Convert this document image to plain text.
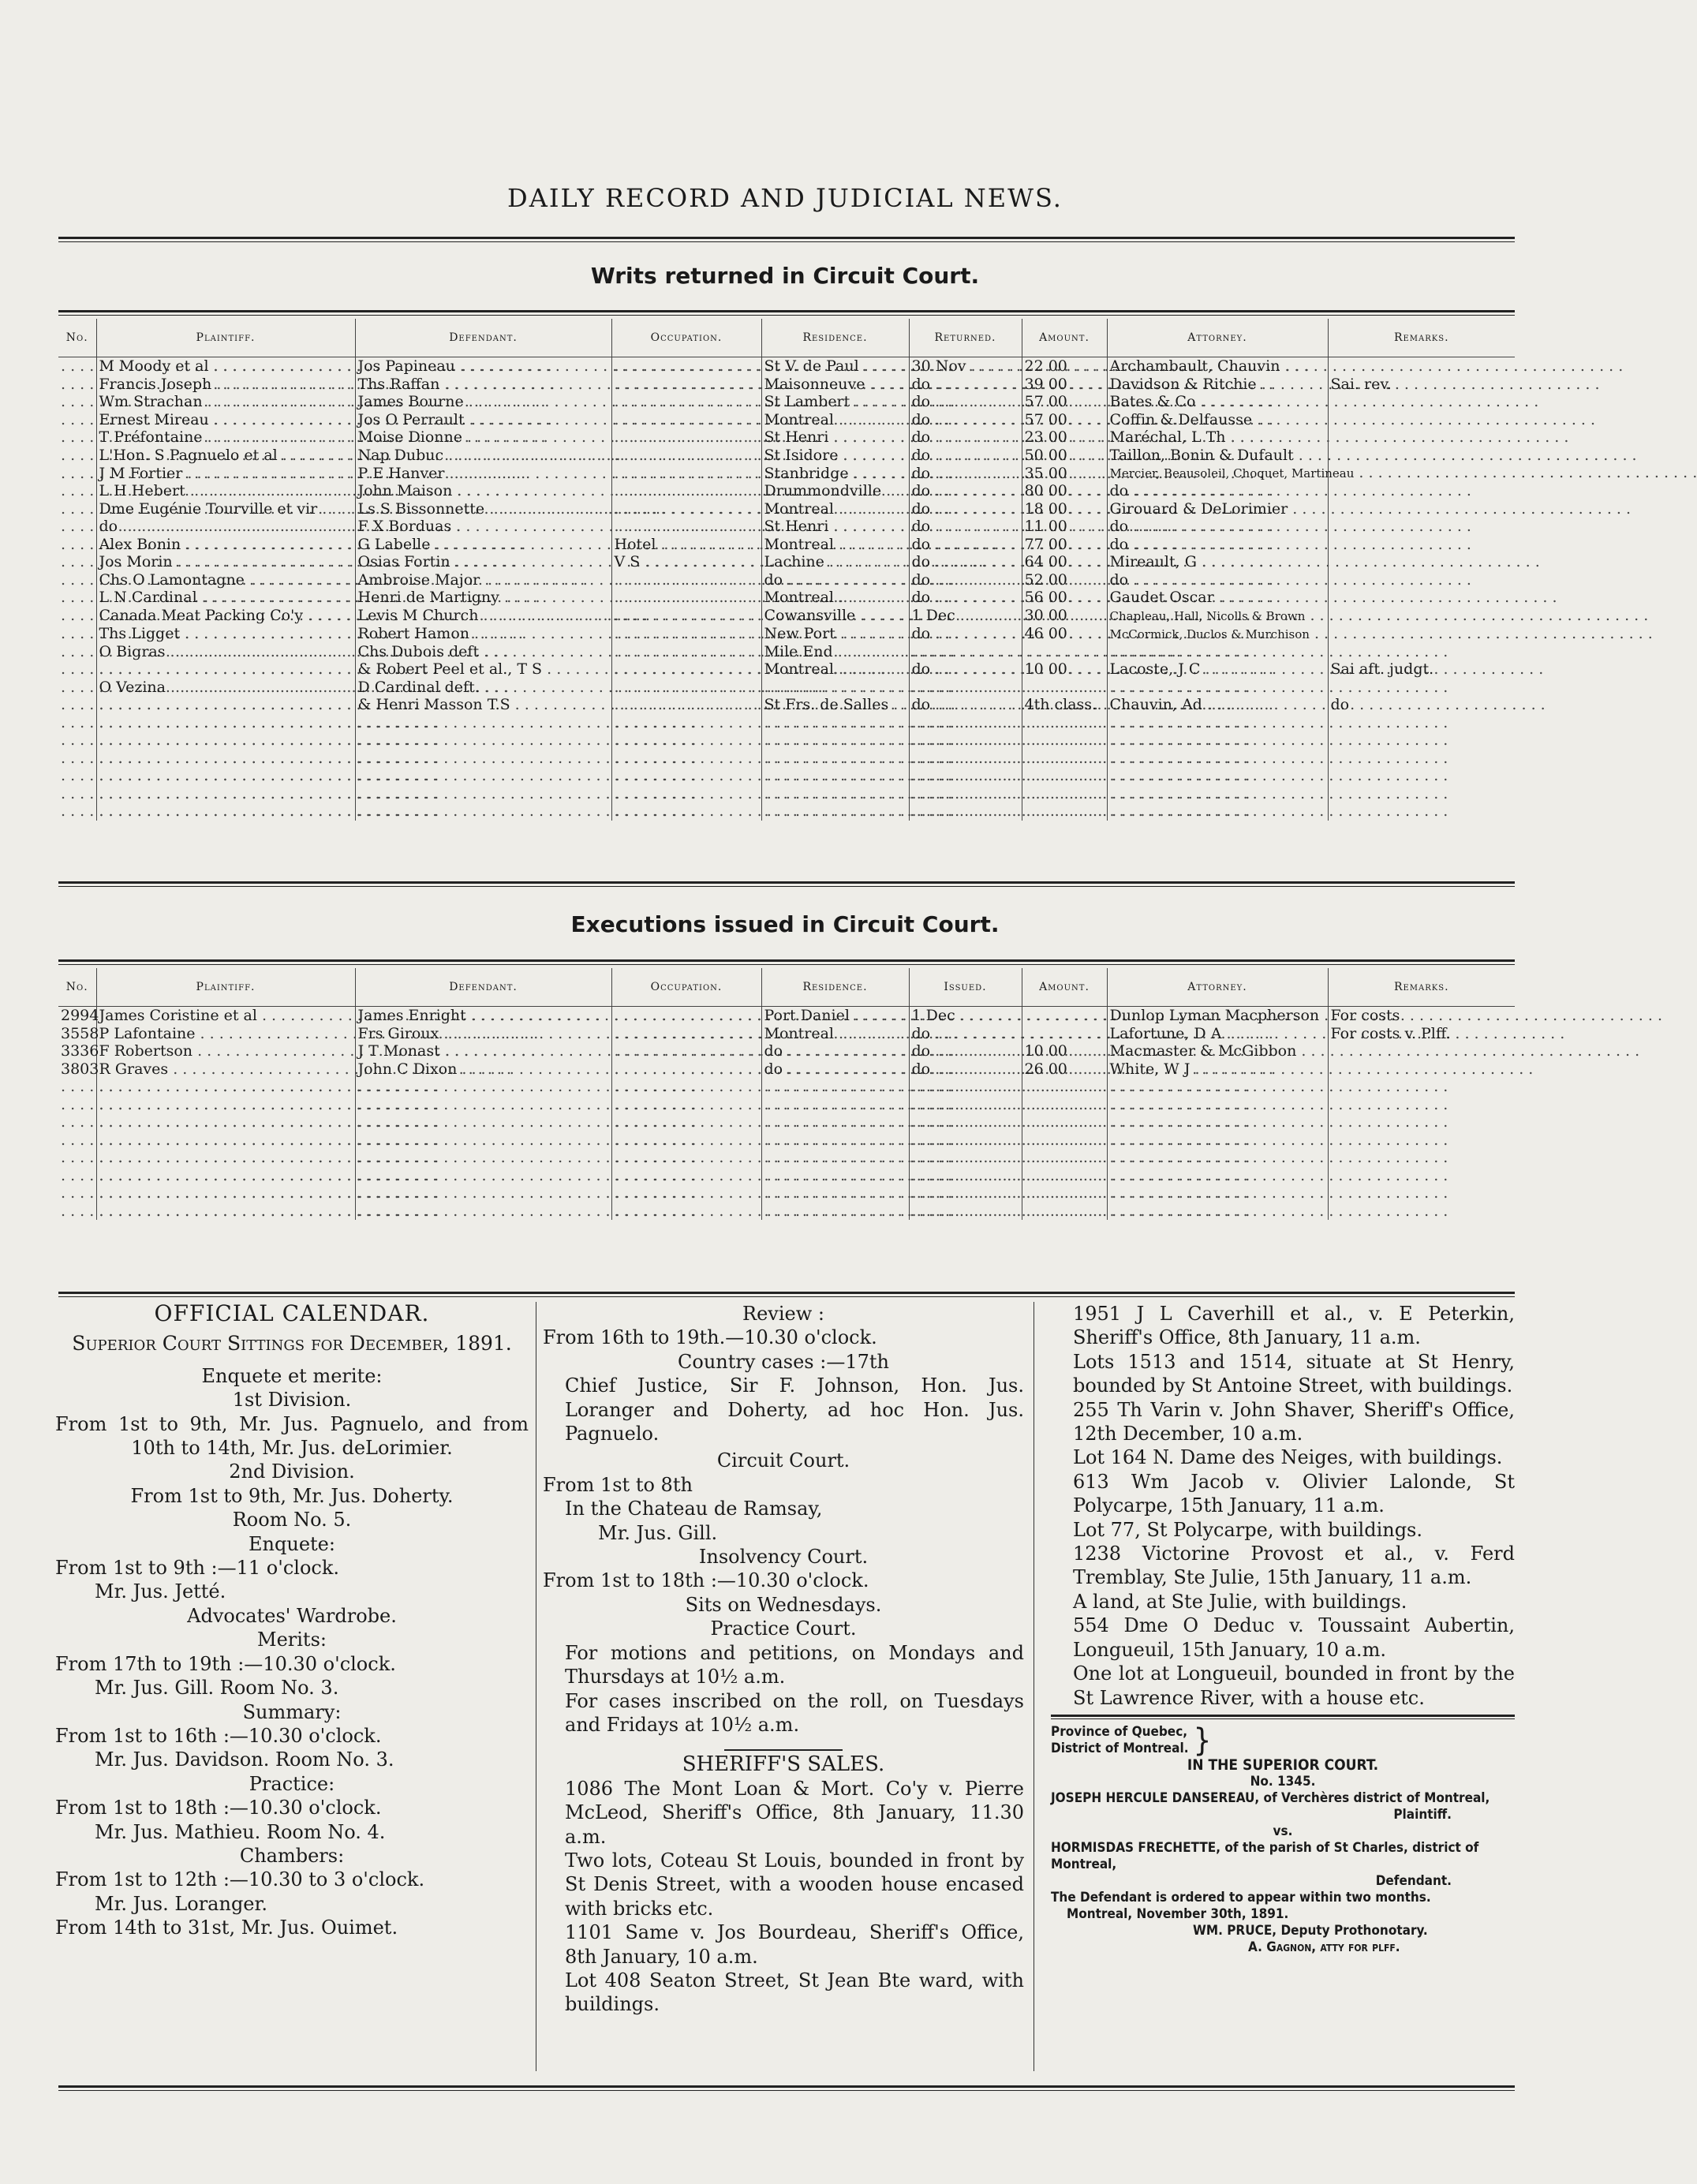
DAILY RECORD AND JUDICIAL NEWS.
Writs returned in Circuit Court.
No.	Plaintiff.	Defendant.	Occupation.	Residence.	Returned.	Amount.	Attorney.	Remarks.
. . .	M Moody et al . . .	Jos Papineau . . .	. . .	St V. de Paul . . .	30 Nov . . .	22 00	Archambault, Chauvin . . .	
. . .	Francis Joseph . . .	Ths Raffan . . .	. . .	Maisonneuve . . .	do . . .	39 00	Davidson & Ritchie . . .	Sai. rev.
. . .	Wm Strachan . . .	James Bourne . . .	. . .	St Lambert . . .	do . . .	57 00	Bates & Co . . .	
. . .	Ernest Mireau . . .	Jos O Perrault . . .	. . .	Montreal . . .	do . . .	57 00	Coffin & Delfausse . . .	
. . .	T Préfontaine . . .	Moise Dionne . . .	. . .	St Henri . . .	do . . .	23 00	Maréchal, L Th . . .	
. . .	L'Hon. S Pagnuelo et al . . .	Nap Dubuc . . .	. . .	St Isidore . . .	do . . .	50 00	Taillon, Bonin & Dufault . . .	
. . .	J M Fortier . . .	P E Hanver . . .	. . .	Stanbridge . . .	do . . .	35 00	Mercier, Beausoleil, Choquet, Martineau . . .	
. . .	L H Hebert . . .	John Maison . . .	. . .	Drummondville . . .	do . . .	80 00	do . . .	
. . .	Dme Eugénie Tourville et vir . . .	Ls S Bissonnette . . .	. . .	Montreal . . .	do . . .	18 00	Girouard & DeLorimier . . .	
. . .	do . . .	F X Borduas . . .	. . .	St Henri . . .	do . . .	11 00	do . . .	
. . .	Alex Bonin . . .	G Labelle . . .	Hotel . . .	Montreal . . .	do . . .	77 00	do . . .	
. . .	Jos Morin . . .	Osias Fortin . . .	V S . . .	Lachine . . .	do . . .	64 00	Mireault, G . . .	
. . .	Chs O Lamontagne . . .	Ambroise Major . . .	. . .	do . . .	do . . .	52 00	do . . .	
. . .	L N Cardinal . . .	Henri de Martigny . . .	. . .	Montreal . . .	do . . .	56 00	Gaudet Oscar . . .	
. . .	Canada Meat Packing Co'y . . .	Levis M Church . . .	. . .	Cowansville . . .	1 Dec . . .	30 00	Chapleau, Hall, Nicolls & Brown . . .	
. . .	Ths Ligget . . .	Robert Hamon . . .	. . .	New Port . . .	do . . .	46 00	McCormick, Duclos & Murchison . . .	
. . .	O Bigras . . .	Chs Dubois deft . . .	. . .	Mile End . . .	. . .		. . .	
. . .	. . .	& Robert Peel et al., T S . . .	. . .	Montreal . . .	do . . .	10 00	Lacoste, J C . . .	Sai aft. judgt.
. . .	O Vezina . . .	D Cardinal deft. . . .	. . .	. . .	. . .		. . .	
. . .	. . .	& Henri Masson T.S . . .	. . .	St Frs. de Salles . . .	do . . .	4th class.	Chauvin, Ad . . .	do
. . .	. . .	. . .	. . .	. . .	. . .		. . .	
. . .	. . .	. . .	. . .	. . .	. . .		. . .	
. . .	. . .	. . .	. . .	. . .	. . .		. . .	
. . .	. . .	. . .	. . .	. . .	. . .		. . .	
. . .	. . .	. . .	. . .	. . .	. . .		. . .	
. . .	. . .	. . .	. . .	. . .	. . .		. . .	
Executions issued in Circuit Court.
No.	Plaintiff.	Defendant.	Occupation.	Residence.	Issued.	Amount.	Attorney.	Remarks.
2994	James Coristine et al . . .	James Enright . . .	. . .	Port Daniel . . .	1 Dec . . .		Dunlop Lyman Macpherson . . .	For costs
3558	P Lafontaine . . .	Frs Giroux . . .	. . .	Montreal . . .	do . . .		Lafortune, D A . . .	For costs v. Plff.
3336	F Robertson . . .	J T Monast . . .	. . .	do . . .	do . . .	10 00	Macmaster & McGibbon . . .	
3803	R Graves . . .	John C Dixon . . .	. . .	do . . .	do . . .	26 00	White, W J . . .	
. . .	. . .	. . .	. . .	. . .	. . .		. . .	
. . .	. . .	. . .	. . .	. . .	. . .		. . .	
. . .	. . .	. . .	. . .	. . .	. . .		. . .	
. . .	. . .	. . .	. . .	. . .	. . .		. . .	
. . .	. . .	. . .	. . .	. . .	. . .		. . .	
. . .	. . .	. . .	. . .	. . .	. . .		. . .	
. . .	. . .	. . .	. . .	. . .	. . .		. . .	
. . .	. . .	. . .	. . .	. . .	. . .		. . .	
OFFICIAL CALENDAR.
Superior Court Sittings for December, 1891.
Enquete et merite:
1st Division.
From 1st to 9th, Mr. Jus. Pagnuelo, and from 10th to 14th, Mr. Jus. deLorimier.
2nd Division.
From 1st to 9th, Mr. Jus. Doherty.
Room No. 5.
Enquete:
From 1st to 9th :—11 o'clock.
Mr. Jus. Jetté.
Advocates' Wardrobe.
Merits:
From 17th to 19th :—10.30 o'clock.
Mr. Jus. Gill. Room No. 3.
Summary:
From 1st to 16th :—10.30 o'clock.
Mr. Jus. Davidson. Room No. 3.
Practice:
From 1st to 18th :—10.30 o'clock.
Mr. Jus. Mathieu. Room No. 4.
Chambers:
From 1st to 12th :—10.30 to 3 o'clock.
Mr. Jus. Loranger.
From 14th to 31st, Mr. Jus. Ouimet.
Review :
From 16th to 19th.—10.30 o'clock.
Country cases :—17th
Chief Justice, Sir F. Johnson, Hon. Jus. Loranger and Doherty, ad hoc Hon. Jus. Pagnuelo.
Circuit Court.
From 1st to 8th
In the Chateau de Ramsay,
Mr. Jus. Gill.
Insolvency Court.
From 1st to 18th :—10.30 o'clock.
Sits on Wednesdays.
Practice Court.
For motions and petitions, on Mondays and Thursdays at 10½ a.m.
For cases inscribed on the roll, on Tuesdays and Fridays at 10½ a.m.
SHERIFF'S SALES.
1086 The Mont Loan & Mort. Co'y v. Pierre McLeod, Sheriff's Office, 8th January, 11.30 a.m.
Two lots, Coteau St Louis, bounded in front by St Denis Street, with a wooden house encased with bricks etc.
1101 Same v. Jos Bourdeau, Sheriff's Office, 8th January, 10 a.m.
Lot 408 Seaton Street, St Jean Bte ward, with buildings.
1951 J L Caverhill et al., v. E Peterkin, Sheriff's Office, 8th January, 11 a.m.
Lots 1513 and 1514, situate at St Henry, bounded by St Antoine Street, with buildings.
255 Th Varin v. John Shaver, Sheriff's Office, 12th December, 10 a.m.
Lot 164 N. Dame des Neiges, with buildings.
613 Wm Jacob v. Olivier Lalonde, St Polycarpe, 15th January, 11 a.m.
Lot 77, St Polycarpe, with buildings.
1238 Victorine Provost et al., v. Ferd Tremblay, Ste Julie, 15th January, 11 a.m.
A land, at Ste Julie, with buildings.
554 Dme O Deduc v. Toussaint Aubertin, Longueuil, 15th January, 10 a.m.
One lot at Longueuil, bounded in front by the St Lawrence River, with a house etc.
Province of Quebec,
District of Montreal. }
IN THE SUPERIOR COURT.
No. 1345.
JOSEPH HERCULE DANSEREAU, of Verchères district of Montreal,
Plaintiff.
vs.
HORMISDAS FRECHETTE, of the parish of St Charles, district of Montreal,
Defendant.
The Defendant is ordered to appear within two months.
Montreal, November 30th, 1891.
WM. PRUCE, Deputy Prothonotary.
A. Gagnon, atty for plff.
